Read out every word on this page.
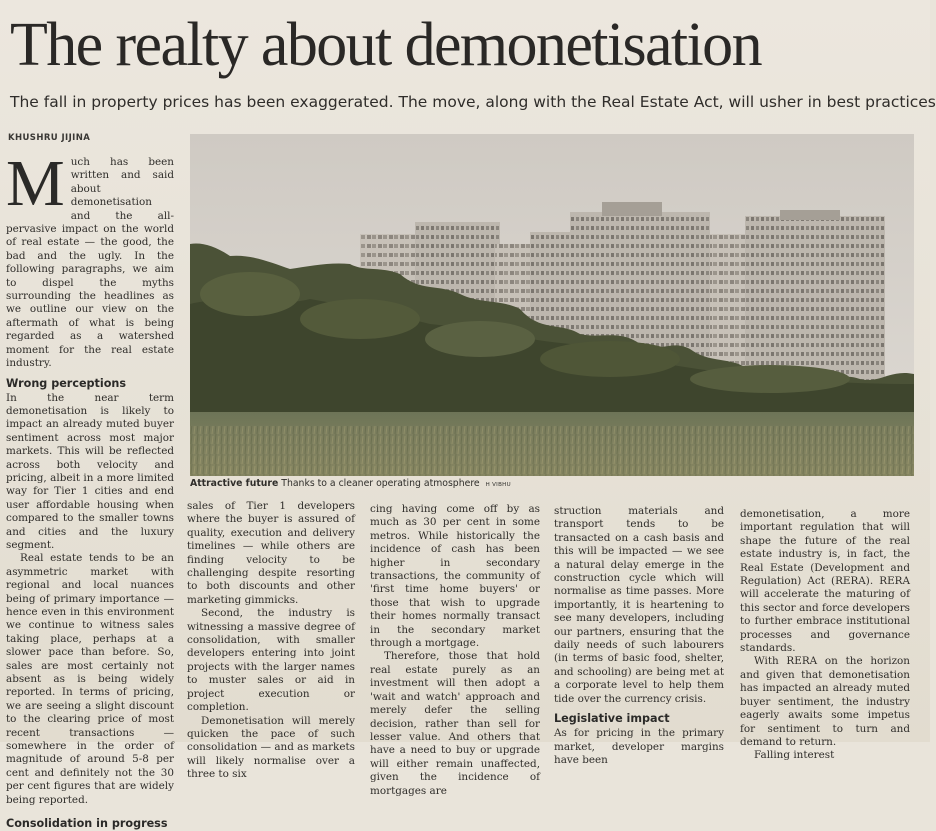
The realty about demonetisation
The fall in property prices has been exaggerated. The move, along with the Real Estate Act, will usher in best practices
KHUSHRU JIJINA

Much has been written and said about demonetisation and the all-pervasive impact on the world of real estate — the good, the bad and the ugly. In the following paragraphs, we aim to dispel the myths surrounding the headlines as we outline our view on the aftermath of what is being regarded as a watershed moment for the real estate industry.

Wrong perceptions

In the near term demonetisation is likely to impact an already muted buyer sentiment across most major markets. This will be reflected across both velocity and pricing, albeit in a more limited way for Tier 1 cities and end user affordable housing when compared to the smaller towns and cities and the luxury segment.

Real estate tends to be an asymmetric market with regional and local nuances being of primary importance — hence even in this environment we continue to witness sales taking place, perhaps at a slower pace than before. So, sales are most certainly not absent as is being widely reported. In terms of pricing, we are seeing a slight discount to the clearing price of most recent transactions — somewhere in the order of magnitude of around 5-8 per cent and definitely not the 30 per cent figures that are widely being reported.

Consolidation in progress
Attractive future Thanks to a cleaner operating atmosphere H VIBHU

sales of Tier 1 developers where the buyer is assured of quality, execution and delivery timelines — while others are finding velocity to be challenging despite resorting to both discounts and other marketing gimmicks.

Second, the industry is witnessing a massive degree of consolidation, with smaller developers entering into joint projects with the larger names to muster sales or aid in project execution or completion.

Demonetisation will merely quicken the pace of such consolidation — and as markets will likely normalise over a three to six

cing having come off by as much as 30 per cent in some metros. While historically the incidence of cash has been higher in secondary transactions, the community of 'first time home buyers' or those that wish to upgrade their homes normally transact in the secondary market through a mortgage.

Therefore, those that hold real estate purely as an investment will then adopt a 'wait and watch' approach and merely defer the selling decision, rather than sell for lesser value. And others that have a need to buy or upgrade will either remain unaffected, given the incidence of mortgages are

struction materials and transport tends to be transacted on a cash basis and this will be impacted — we see a natural delay emerge in the construction cycle which will normalise as time passes. More importantly, it is heartening to see many developers, including our partners, ensuring that the daily needs of such labourers (in terms of basic food, shelter, and schooling) are being met at a corporate level to help them tide over the currency crisis.

Legislative impact

As for pricing in the primary market, developer margins have been

demonetisation, a more important regulation that will shape the future of the real estate industry is, in fact, the Real Estate (Development and Regulation) Act (RERA). RERA will accelerate the maturing of this sector and force developers to further embrace institutional processes and governance standards.

With RERA on the horizon and given that demonetisation has impacted an already muted buyer sentiment, the industry eagerly awaits some impetus for sentiment to turn and demand to return.

Falling interest
